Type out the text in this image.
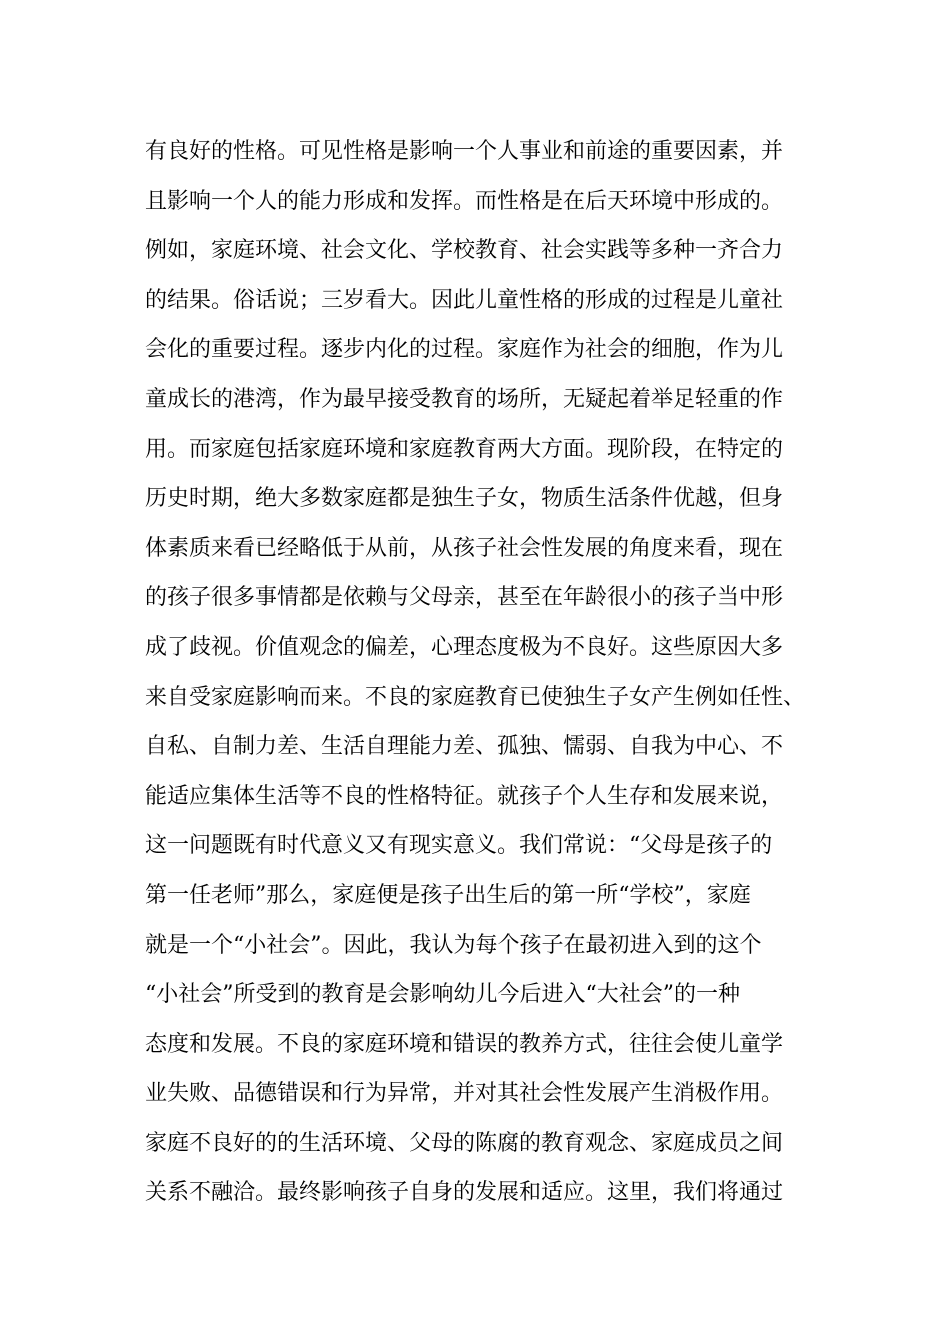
有良好的性格。可见性格是影响一个人事业和前途的重要因素，并
且影响一个人的能力形成和发挥。而性格是在后天环境中形成的。
例如，家庭环境、社会文化、学校教育、社会实践等多种一齐合力
的结果。俗话说；三岁看大。因此儿童性格的形成的过程是儿童社
会化的重要过程。逐步内化的过程。家庭作为社会的细胞，作为儿
童成长的港湾，作为最早接受教育的场所，无疑起着举足轻重的作
用。而家庭包括家庭环境和家庭教育两大方面。现阶段，在特定的
历史时期，绝大多数家庭都是独生子女，物质生活条件优越，但身
体素质来看已经略低于从前，从孩子社会性发展的角度来看，现在
的孩子很多事情都是依赖与父母亲，甚至在年龄很小的孩子当中形
成了歧视。价值观念的偏差，心理态度极为不良好。这些原因大多
来自受家庭影响而来。不良的家庭教育已使独生子女产生例如任性、
自私、自制力差、生活自理能力差、孤独、懦弱、自我为中心、不
能适应集体生活等不良的性格特征。就孩子个人生存和发展来说，
这一问题既有时代意义又有现实意义。我们常说：“父母是孩子的
第一任老师”那么，家庭便是孩子出生后的第一所“学校”，家庭
就是一个“小社会”。因此，我认为每个孩子在最初进入到的这个
“小社会”所受到的教育是会影响幼儿今后进入“大社会”的一种
态度和发展。不良的家庭环境和错误的教养方式，往往会使儿童学
业失败、品德错误和行为异常，并对其社会性发展产生消极作用。
家庭不良好的的生活环境、父母的陈腐的教育观念、家庭成员之间
关系不融洽。最终影响孩子自身的发展和适应。这里，我们将通过
